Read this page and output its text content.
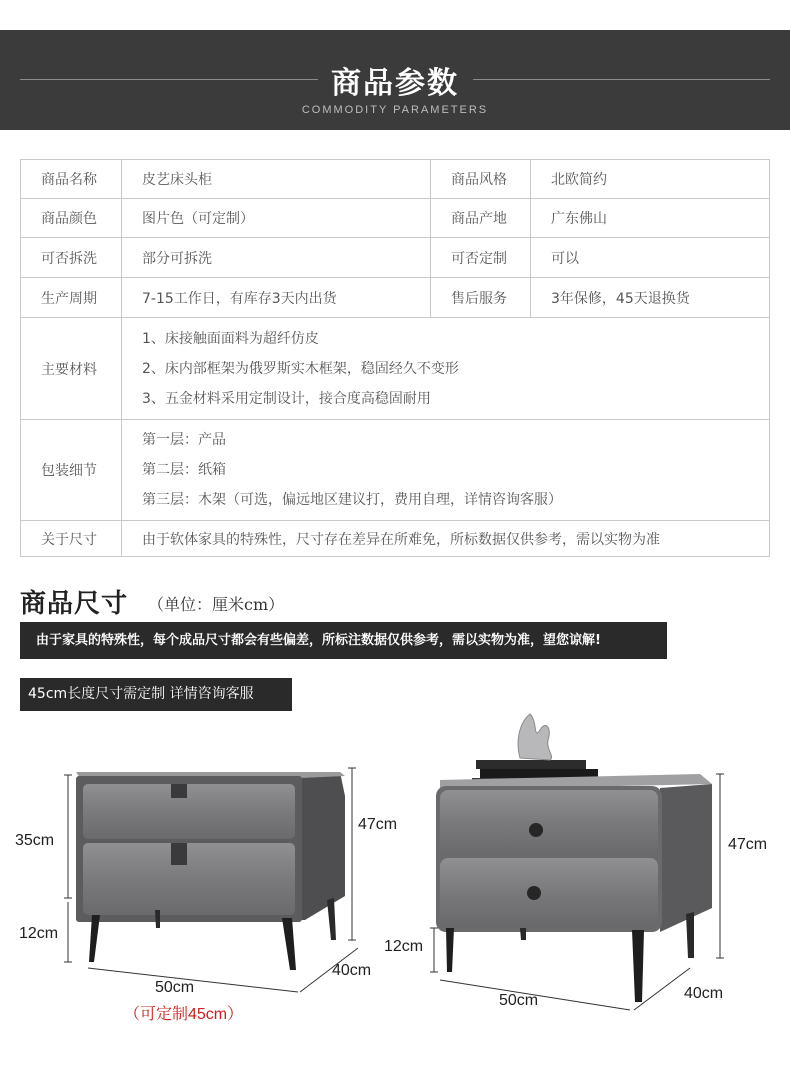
商品参数
COMMODITY PARAMETERS
商品名称	皮艺床头柜	商品风格	北欧简约
商品颜色	图片色（可定制）	商品产地	广东佛山
可否拆洗	部分可拆洗	可否定制	可以
生产周期	7-15工作日，有库存3天内出货	售后服务	3年保修，45天退换货
主要材料	1、床接触面面料为超纤仿皮
2、床内部框架为俄罗斯实木框架，稳固经久不变形
3、五金材料采用定制设计，接合度高稳固耐用		

包装细节	第一层：产品
第二层：纸箱
第三层：木架（可选，偏远地区建议打，费用自理，详情咨询客服）		

关于尺寸	由于软体家具的特殊性，尺寸存在差异在所难免，所标数据仅供参考，需以实物为准		
商品尺寸 （单位：厘米cm）
由于家具的特殊性，每个成品尺寸都会有些偏差，所标注数据仅供参考，需以实物为准，望您谅解!
45cm长度尺寸需定制 详情咨询客服
35cm
47cm
12cm
50cm
40cm
（可定制45cm）
47cm
12cm
50cm	40cm
